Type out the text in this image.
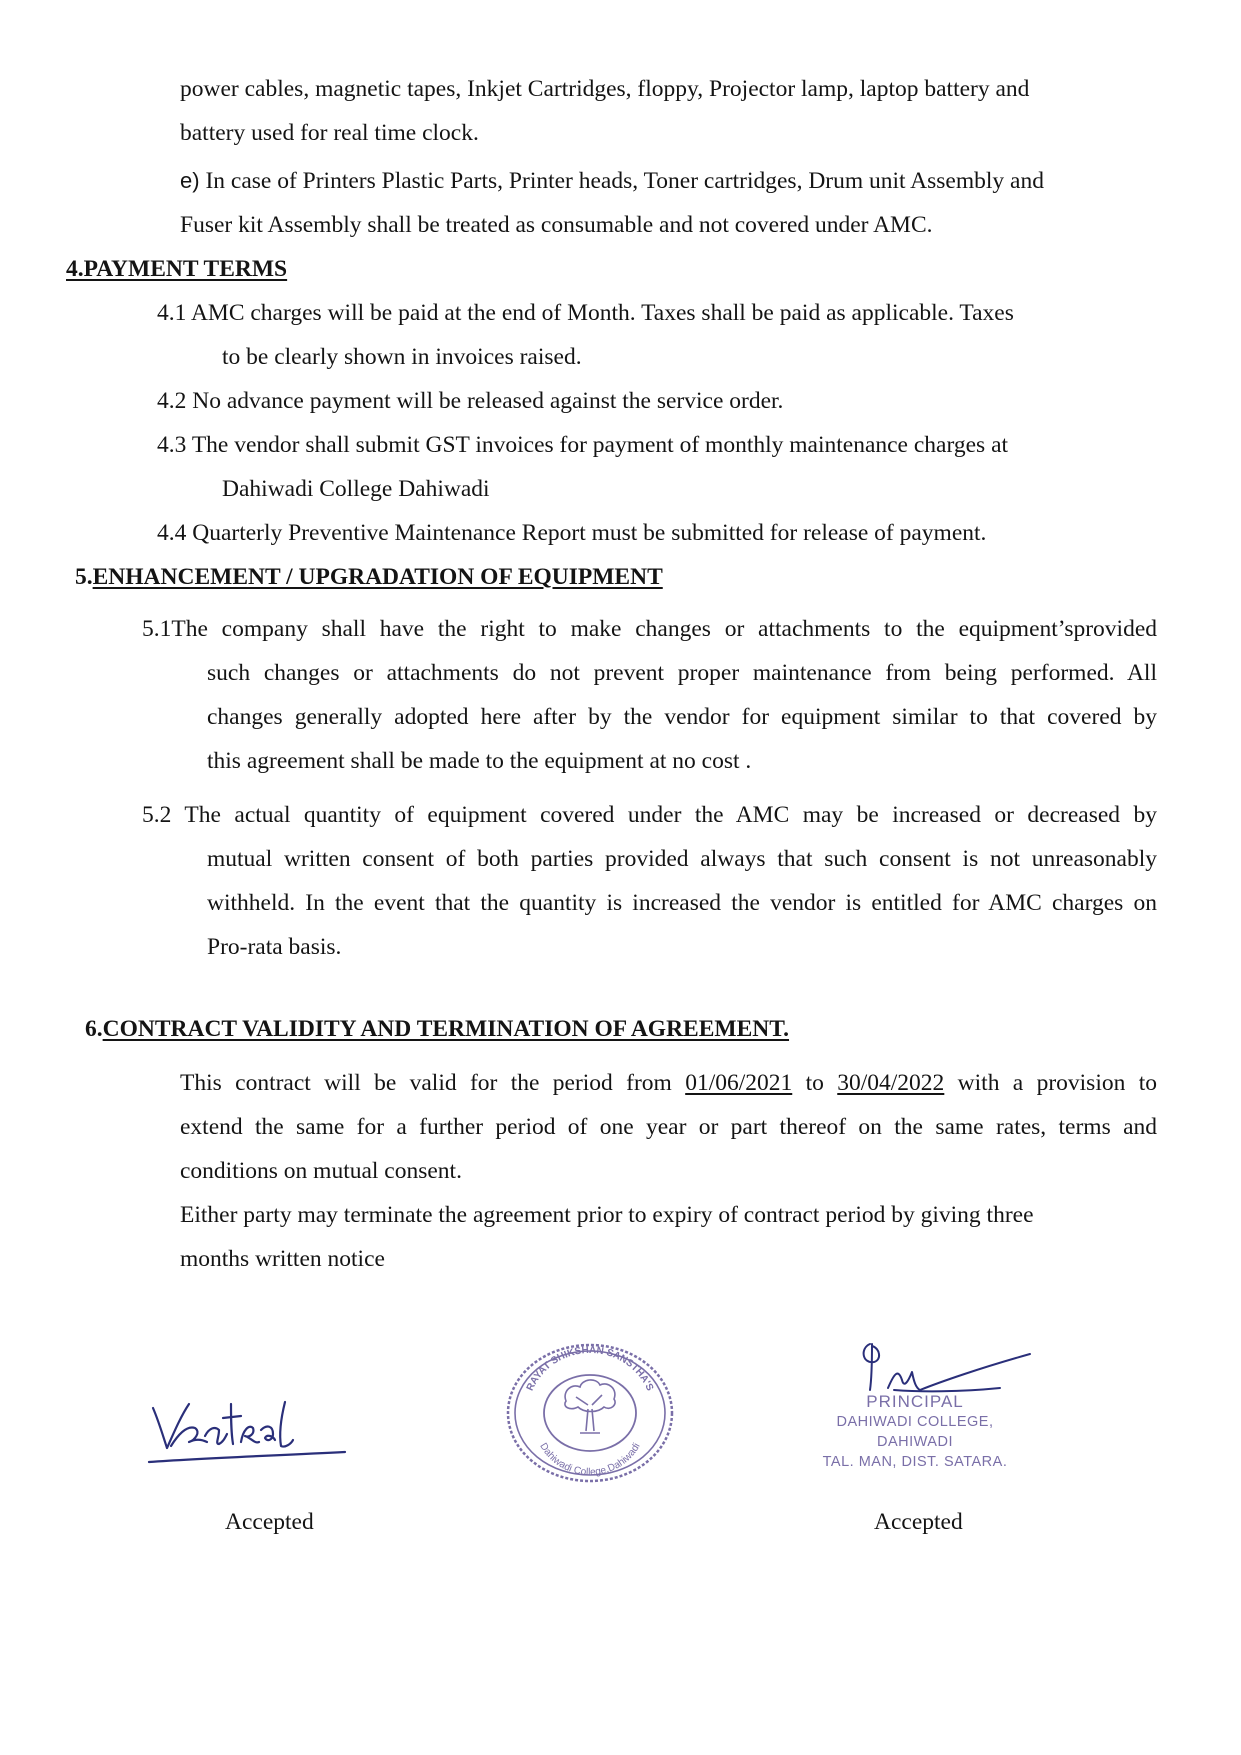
power cables, magnetic tapes, Inkjet Cartridges, floppy, Projector lamp, laptop battery and
battery used for real time clock.
e) In case of Printers Plastic Parts, Printer heads, Toner cartridges, Drum unit Assembly and
Fuser kit Assembly shall be treated as consumable and not covered under AMC.
4.PAYMENT TERMS
4.1 AMC charges will be paid at the end of Month. Taxes shall be paid as applicable. Taxes
to be clearly shown in invoices raised.
4.2 No advance payment will be released against the service order.
4.3 The vendor shall submit GST invoices for payment of monthly maintenance charges at
Dahiwadi College Dahiwadi
4.4 Quarterly Preventive Maintenance Report must be submitted for release of payment.
5.ENHANCEMENT / UPGRADATION OF EQUIPMENT
5.1The company shall have the right to make changes or attachments to the equipment’sprovided
such changes or attachments do not prevent proper maintenance from being performed. All
changes generally adopted here after by the vendor for equipment similar to that covered by
this agreement shall be made to the equipment at no cost .
5.2 The actual quantity of equipment covered under the AMC may be increased or decreased by
mutual written consent of both parties provided always that such consent is not unreasonably
withheld. In the event that the quantity is increased the vendor is entitled for AMC charges on
Pro-rata basis.
6.CONTRACT VALIDITY AND TERMINATION OF AGREEMENT.
This contract will be valid for the period from 01/06/2021 to 30/04/2022 with a provision to
extend the same for a further period of one year or part thereof on the same rates, terms and
conditions on mutual consent.
Either party may terminate the agreement prior to expiry of contract period by giving three
months written notice
RAYAT SHIKSHAN SANSTHA'S
Dahiwadi College,Dahiwadi
PRINCIPAL
DAHIWADI COLLEGE, DAHIWADI
TAL. MAN, DIST. SATARA.
Accepted	Accepted
